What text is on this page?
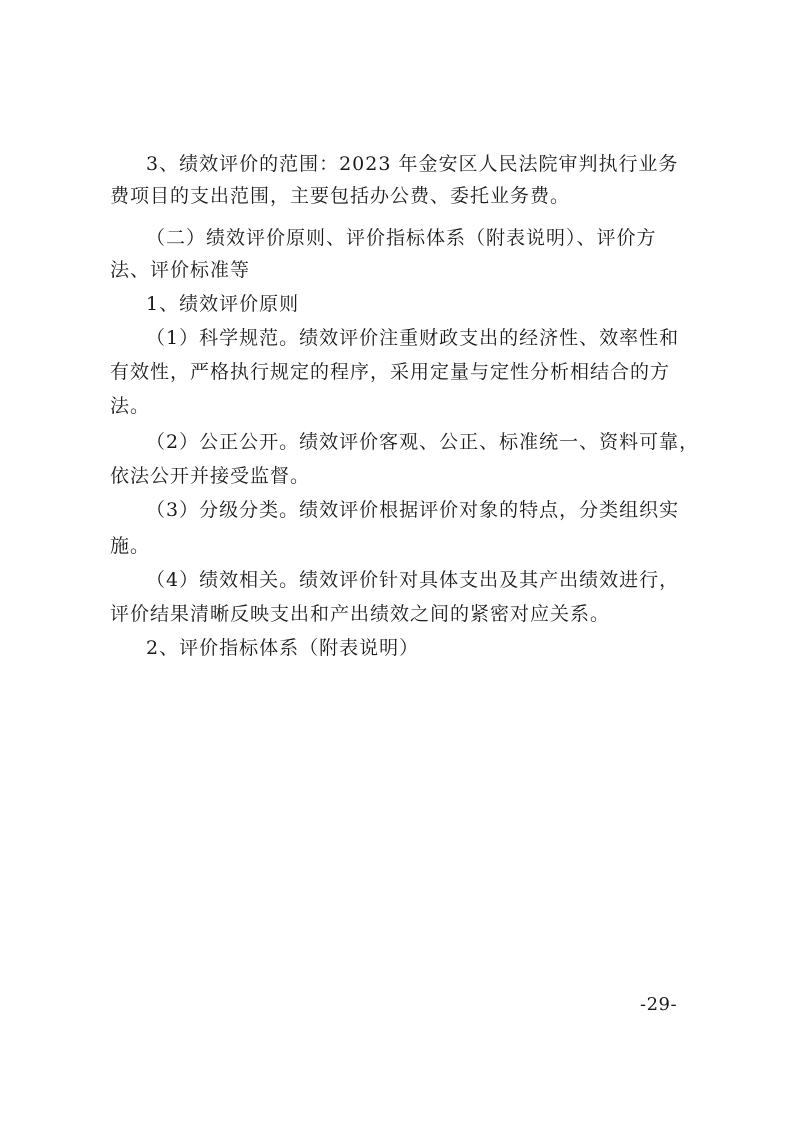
3、绩效评价的范围：2023 年金安区人民法院审判执行业务
费项目的支出范围，主要包括办公费、委托业务费。
（二）绩效评价原则、评价指标体系（附表说明）、评价方
法、评价标准等
1、绩效评价原则
（1）科学规范。绩效评价注重财政支出的经济性、效率性和
有效性，严格执行规定的程序，采用定量与定性分析相结合的方
法。
（2）公正公开。绩效评价客观、公正、标准统一、资料可靠，
依法公开并接受监督。
（3）分级分类。绩效评价根据评价对象的特点，分类组织实
施。
（4）绩效相关。绩效评价针对具体支出及其产出绩效进行，
评价结果清晰反映支出和产出绩效之间的紧密对应关系。
2、评价指标体系（附表说明）
-29-
